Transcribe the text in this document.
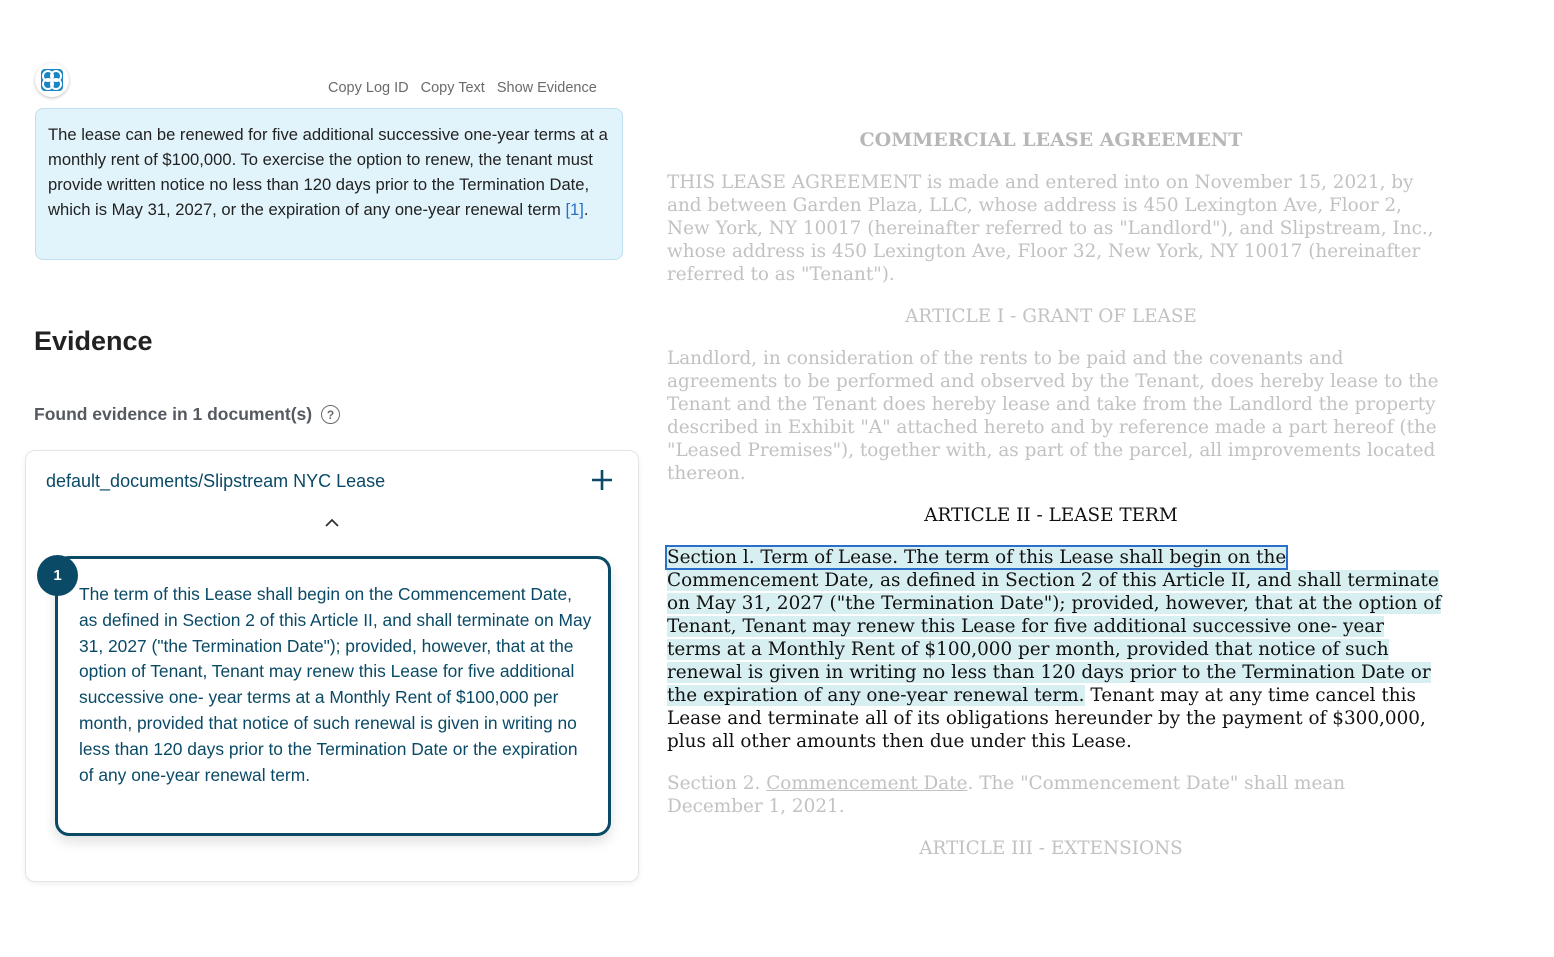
Copy Log ID Copy Text Show Evidence
The lease can be renewed for five additional successive one-year terms at a monthly rent of $100,000. To exercise the option to renew, the tenant must provide written notice no less than 120 days prior to the Termination Date, which is May 31, 2027, or the expiration of any one-year renewal term [1].
Evidence
Found evidence in 1 document(s)	?
default_documents/Slipstream NYC Lease
1
The term of this Lease shall begin on the Commencement Date, as defined in Section 2 of this Article II, and shall terminate on May 31, 2027 ("the Termination Date"); provided, however, that at the option of Tenant, Tenant may renew this Lease for five additional successive one- year terms at a Monthly Rent of $100,000 per month, provided that notice of such renewal is given in writing no less than 120 days prior to the Termination Date or the expiration of any one-year renewal term.
COMMERCIAL LEASE AGREEMENT

THIS LEASE AGREEMENT is made and entered into on November 15, 2021, by and between Garden Plaza, LLC, whose address is 450 Lexington Ave, Floor 2, New York, NY 10017 (hereinafter referred to as "Landlord"), and Slipstream, Inc., whose address is 450 Lexington Ave, Floor 32, New York, NY 10017 (hereinafter referred to as "Tenant").

ARTICLE I - GRANT OF LEASE

Landlord, in consideration of the rents to be paid and the covenants and agreements to be performed and observed by the Tenant, does hereby lease to the Tenant and the Tenant does hereby lease and take from the Landlord the property described in Exhibit "A" attached hereto and by reference made a part hereof (the "Leased Premises"), together with, as part of the parcel, all improvements located thereon.

ARTICLE II - LEASE TERM

Section l. Term of Lease. The term of this Lease shall begin on the Commencement Date, as defined in Section 2 of this Article II, and shall terminate on May 31, 2027 ("the Termination Date"); provided, however, that at the option of Tenant, Tenant may renew this Lease for five additional successive one- year terms at a Monthly Rent of $100,000 per month, provided that notice of such renewal is given in writing no less than 120 days prior to the Termination Date or the expiration of any one-year renewal term. Tenant may at any time cancel this Lease and terminate all of its obligations hereunder by the payment of $300,000, plus all other amounts then due under this Lease.

Section 2. Commencement Date. The "Commencement Date" shall mean December 1, 2021.

ARTICLE III - EXTENSIONS
